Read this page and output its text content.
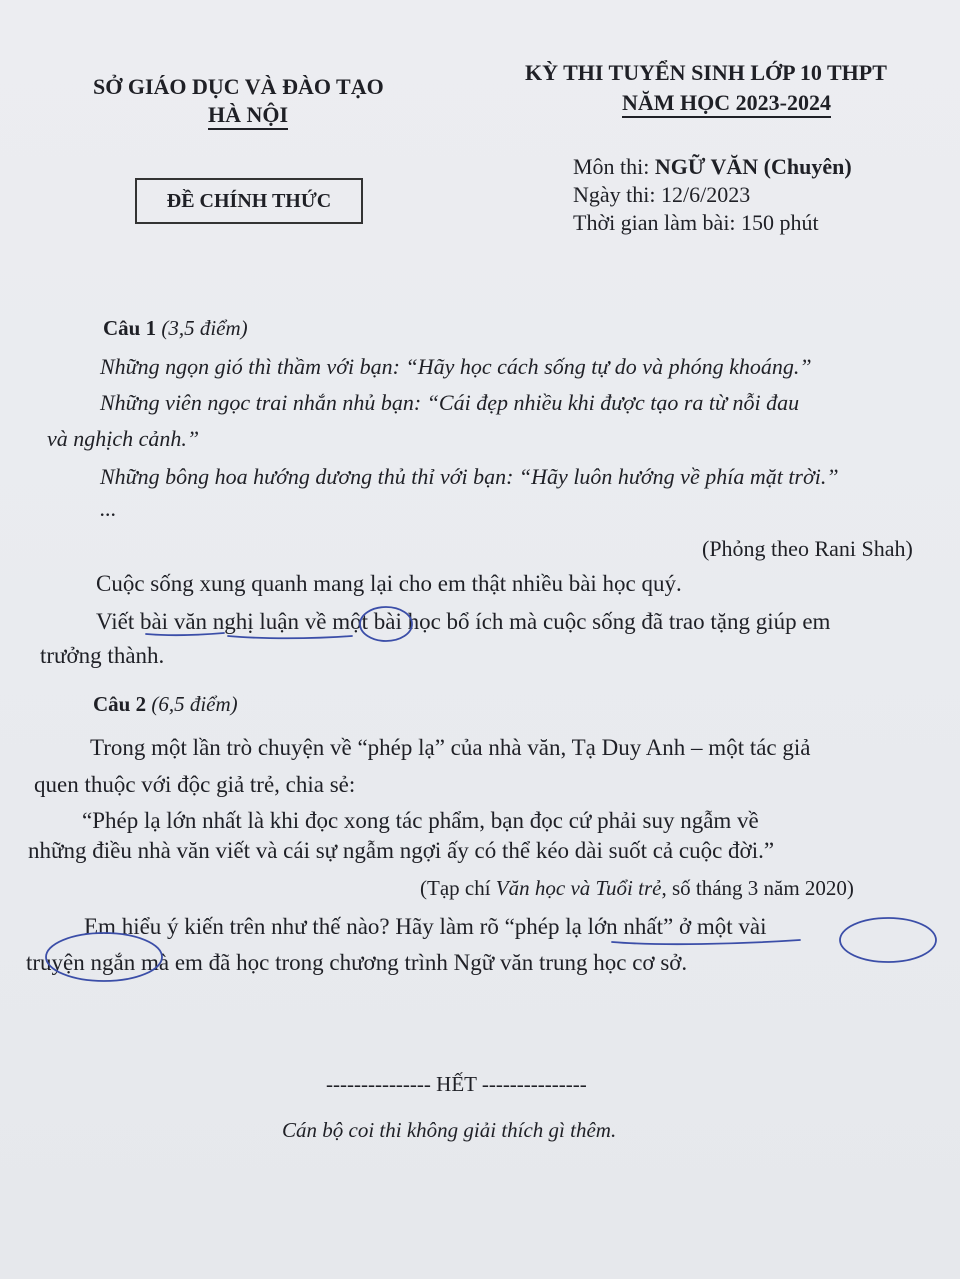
SỞ GIÁO DỤC VÀ ĐÀO TẠO
HÀ NỘI
KỲ THI TUYỂN SINH LỚP 10 THPT
NĂM HỌC 2023-2024
ĐỀ CHÍNH THỨC
Môn thi: NGỮ VĂN (Chuyên)
Ngày thi: 12/6/2023
Thời gian làm bài: 150 phút
Câu 1 (3,5 điểm)
Những ngọn gió thì thầm với bạn: “Hãy học cách sống tự do và phóng khoáng.”
Những viên ngọc trai nhắn nhủ bạn: “Cái đẹp nhiều khi được tạo ra từ nỗi đau
và nghịch cảnh.”
Những bông hoa hướng dương thủ thỉ với bạn: “Hãy luôn hướng về phía mặt trời.”
...
(Phỏng theo Rani Shah)
Cuộc sống xung quanh mang lại cho em thật nhiều bài học quý.
Viết bài văn nghị luận về một bài học bổ ích mà cuộc sống đã trao tặng giúp em
trưởng thành.
Câu 2 (6,5 điểm)
Trong một lần trò chuyện về “phép lạ” của nhà văn, Tạ Duy Anh – một tác giả
quen thuộc với độc giả trẻ, chia sẻ:
“Phép lạ lớn nhất là khi đọc xong tác phẩm, bạn đọc cứ phải suy ngẫm về
những điều nhà văn viết và cái sự ngẫm ngợi ấy có thể kéo dài suốt cả cuộc đời.”
(Tạp chí Văn học và Tuổi trẻ, số tháng 3 năm 2020)
Em hiểu ý kiến trên như thế nào? Hãy làm rõ “phép lạ lớn nhất” ở một vài
truyện ngắn mà em đã học trong chương trình Ngữ văn trung học cơ sở.
--------------- HẾT ---------------
Cán bộ coi thi không giải thích gì thêm.
